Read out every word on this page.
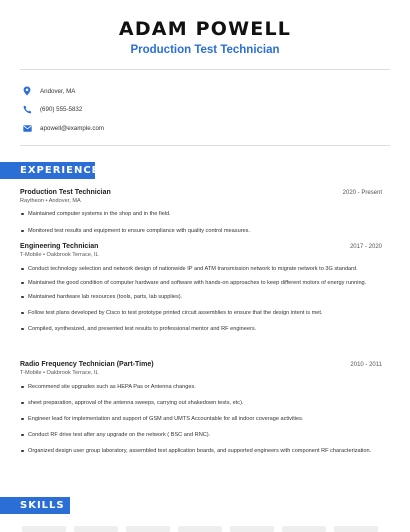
ADAM POWELL
Production Test Technician
Andover, MA
(690) 555-5832
apowell@example.com
EXPERIENCE
Production Test Technician	2020 - Present
Raytheon • Andover, MA
Maintained computer systems in the shop and in the field.
Monitored test results and equipment to ensure compliance with quality control measures.
Engineering Technician	2017 - 2020
T-Mobile • Oakbrook Terrace, IL
Conduct technology selection and network design of nationwide IP and ATM transmission network to migrate network to 3G standard.
Maintained the good condition of computer hardware and software with hands-on approaches to keep different motors of energy running.
Maintained hardware lab resources (tools, parts, lab supplies).
Follow test plans developed by Cisco to test prototype printed circuit assemblies to ensure that the design intent is met.
Compiled, synthesized, and presented test results to professional mentor and RF engineers.
Radio Frequency Technician (Part-Time)	2010 - 2011
T-Mobile • Oakbrook Terrace, IL
Recommend site upgrades such as HEPA Pas or Antenna changes.
sheet preparation, approval of the antenna sweeps, carrying out shakedown tests, etc).
Engineer lead for implementation and support of GSM and UMTS Accountable for all indoor coverage activities.
Conduct RF drive test after any upgrade on the network ( BSC and RNC).
Organized design user group laboratory, assembled test application boards, and supported engineers with component RF characterization.
SKILLS
